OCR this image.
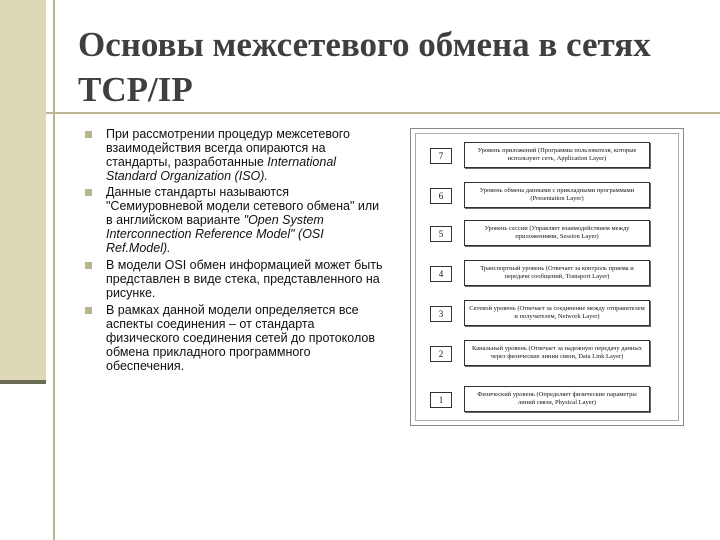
Основы межсетевого обмена в сетях TCP/IP
При рассмотрении процедур межсетевого взаимодействия всегда опираются на стандарты, разработанные International Standard Organization (ISO).
Данные стандарты называются "Семиуровневой модели сетевого обмена" или в английском варианте "Open System Interconnection Reference Model" (OSI Ref.Model).
В модели OSI обмен информацией может быть представлен в виде стека, представленного на рисунке.
В рамках данной модели определяется все аспекты соединения – от стандарта физического соединения сетей до протоколов обмена прикладного программного обеспечения.
7
Уровень приложений (Программы пользователя, которые используют сеть, Application Layer)
6
Уровень обмена данными с прикладными программами (Presentation Layer)
5
Уровень сессии (Управляет взаимодействием между приложениями, Session Layer)
4
Транспортный уровень (Отвечает за контроль приема и передачи сообщений, Transport Layer)
3
Сетевой уровень (Отвечает за соединение между отправителем и получателем, Network Layer)
2
Канальный уровень (Отвечает за надежную передачу данных через физические линии связи, Data Link Layer)
1
Физический уровень (Определяет физические параметры линий связи, Physical Layer)
